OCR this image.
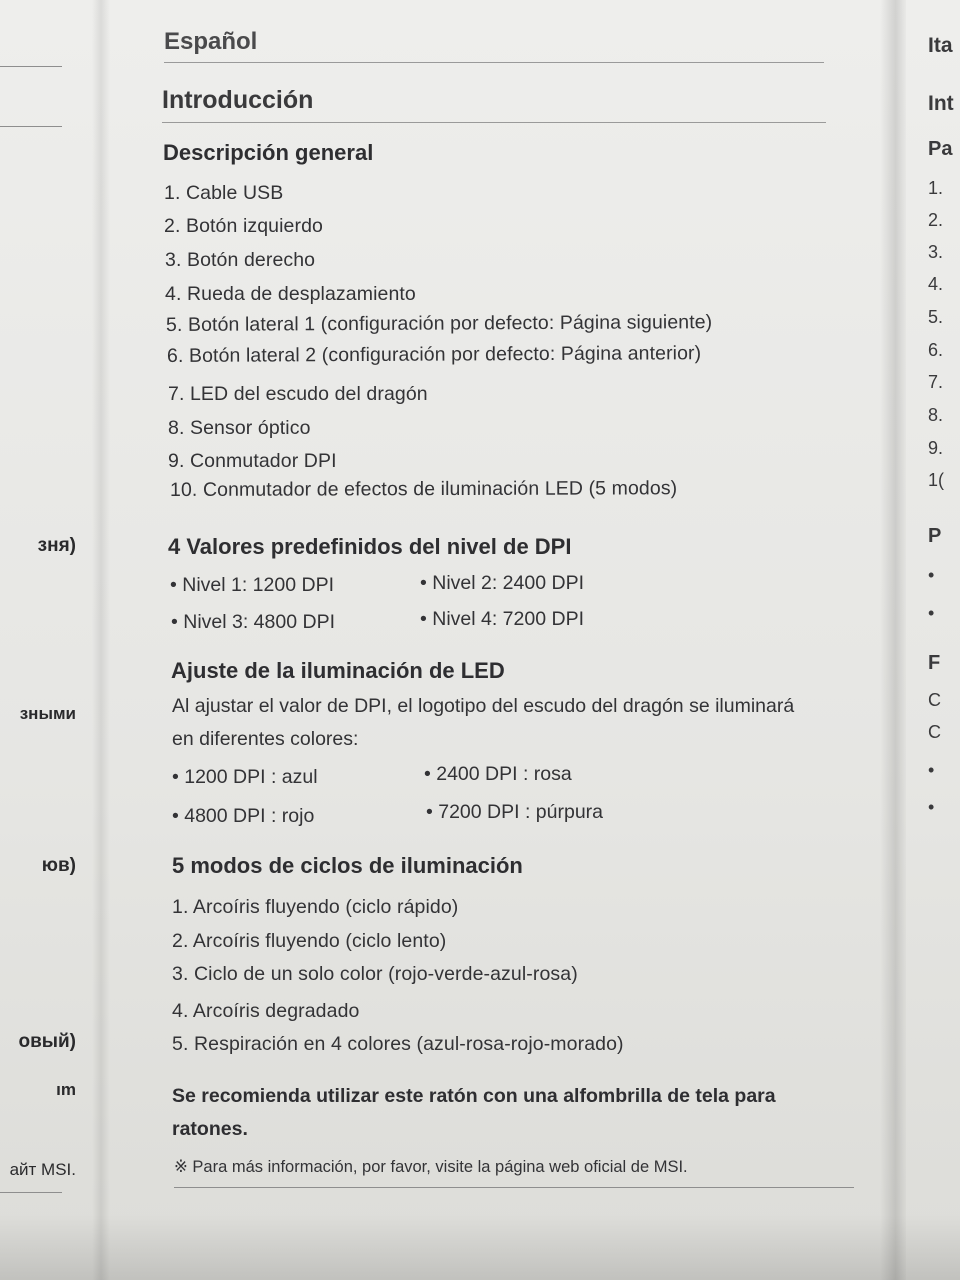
зня)
зными
юв)
овый)
ım
айт MSI.
Ita
Int
Pa
1.
2.
3.
4.
5.
6.
7.
8.
9.
1(
P
•
•
F
C
C
•
•
Español
Introducción
Descripción general
1. Cable USB
2. Botón izquierdo
3. Botón derecho
4. Rueda de desplazamiento
5. Botón lateral 1 (configuración por defecto: Página siguiente)
6. Botón lateral 2 (configuración por defecto: Página anterior)
7. LED del escudo del dragón
8. Sensor óptico
9. Conmutador DPI
10. Conmutador de efectos de iluminación LED (5 modos)
4 Valores predefinidos del nivel de DPI
• Nivel 1: 1200 DPI	• Nivel 2: 2400 DPI
• Nivel 3: 4800 DPI	• Nivel 4: 7200 DPI
Ajuste de la iluminación de LED
Al ajustar el valor de DPI, el logotipo del escudo del dragón se iluminará en diferentes colores:
• 1200 DPI : azul	• 2400 DPI : rosa
• 4800 DPI : rojo	• 7200 DPI : púrpura
5 modos de ciclos de iluminación
1. Arcoíris fluyendo (ciclo rápido)
2. Arcoíris fluyendo (ciclo lento)
3. Ciclo de un solo color (rojo-verde-azul-rosa)
4. Arcoíris degradado
5. Respiración en 4 colores (azul-rosa-rojo-morado)
Se recomienda utilizar este ratón con una alfombrilla de tela para ratones.
※ Para más información, por favor, visite la página web oficial de MSI.
